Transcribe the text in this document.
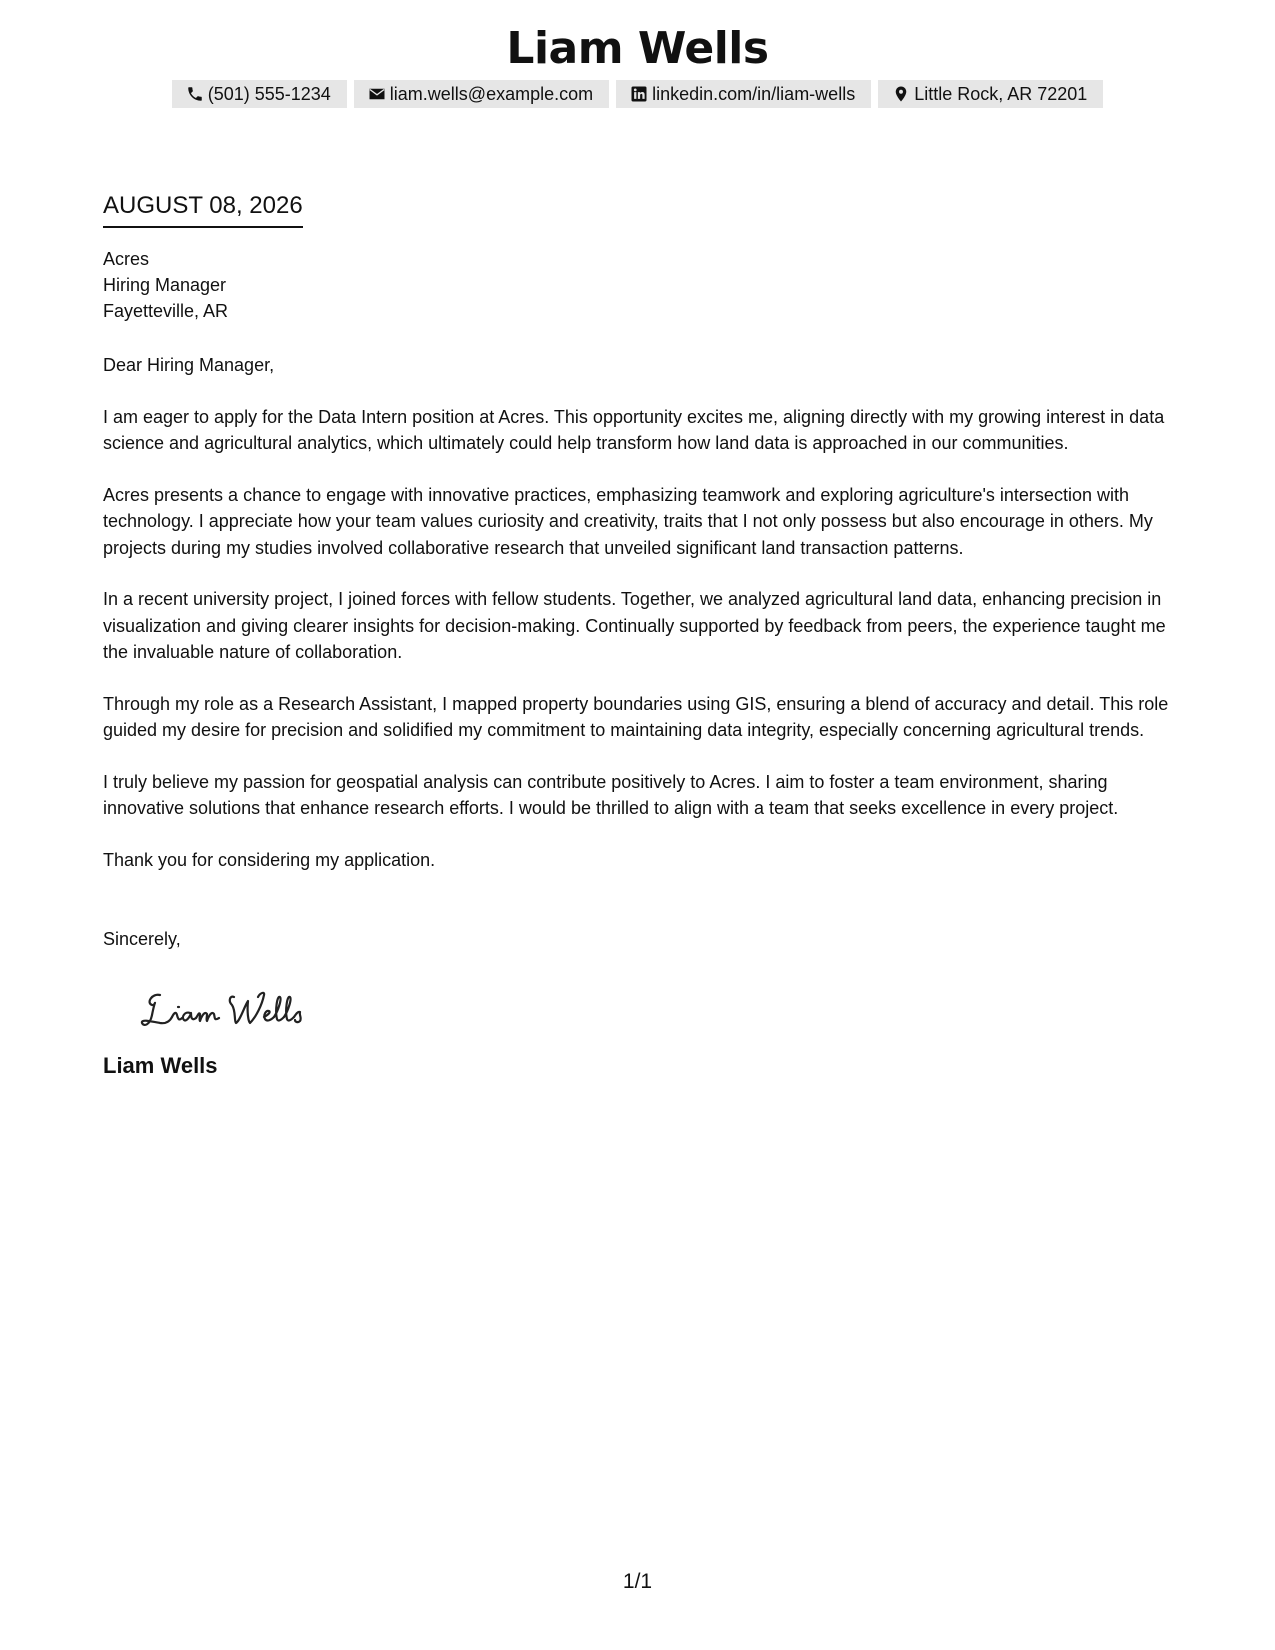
Liam Wells
(501) 555-1234	liam.wells@example.com	linkedin.com/in/liam-wells	Little Rock, AR 72201
AUGUST 08, 2026
Acres
Hiring Manager
Fayetteville, AR
Dear Hiring Manager,

I am eager to apply for the Data Intern position at Acres. This opportunity excites me, aligning directly with my growing interest in data science and agricultural analytics, which ultimately could help transform how land data is approached in our communities.

Acres presents a chance to engage with innovative practices, emphasizing teamwork and exploring agriculture's intersection with technology. I appreciate how your team values curiosity and creativity, traits that I not only possess but also encourage in others. My projects during my studies involved collaborative research that unveiled significant land transaction patterns.

In a recent university project, I joined forces with fellow students. Together, we analyzed agricultural land data, enhancing precision in visualization and giving clearer insights for decision-making. Continually supported by feedback from peers, the experience taught me the invaluable nature of collaboration.

Through my role as a Research Assistant, I mapped property boundaries using GIS, ensuring a blend of accuracy and detail. This role guided my desire for precision and solidified my commitment to maintaining data integrity, especially concerning agricultural trends.

I truly believe my passion for geospatial analysis can contribute positively to Acres. I aim to foster a team environment, sharing innovative solutions that enhance research efforts. I would be thrilled to align with a team that seeks excellence in every project.

Thank you for considering my application.

Sincerely,
Liam Wells
1/1
